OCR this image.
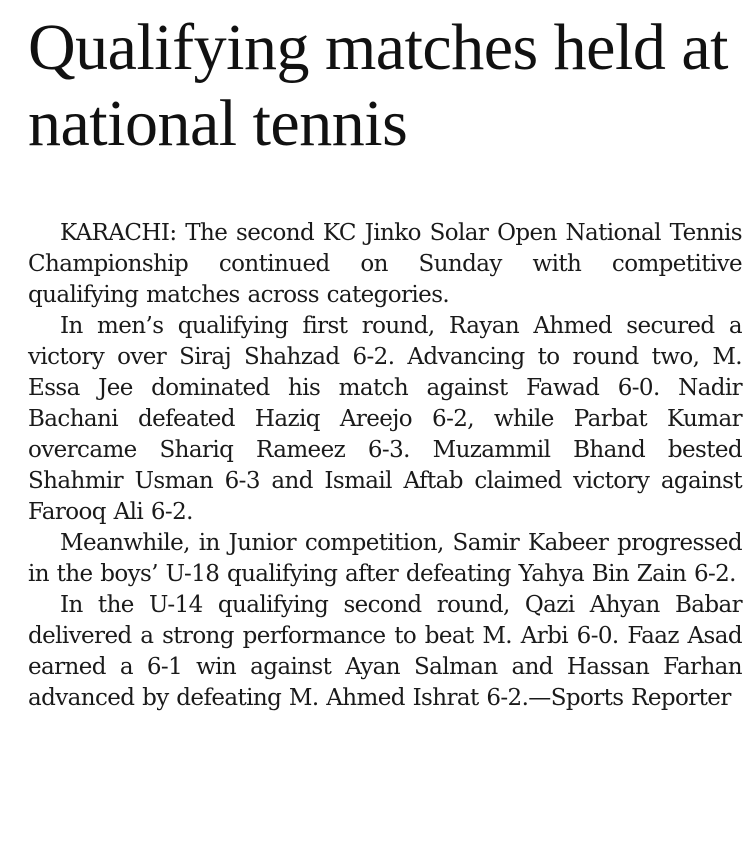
Qualifying matches held at national tennis

KARACHI: The second KC Jinko Solar Open National Tennis Championship continued on Sunday with competitive qualifying matches across categories.

In men’s qualifying first round, Rayan Ahmed secured a victory over Siraj Shahzad 6-2. Advancing to round two, M. Essa Jee dominated his match against Fawad 6-0. Nadir Bachani defeated Haziq Areejo 6-2, while Parbat Kumar overcame Shariq Rameez 6-3. Muzammil Bhand bested Shahmir Usman 6-3 and Ismail Aftab claimed victory against Farooq Ali 6-2.

Meanwhile, in Junior competition, Samir Kabeer progressed in the boys’ U-18 qualifying after defeating Yahya Bin Zain 6-2.

In the U-14 qualifying second round, Qazi Ahyan Babar delivered a strong performance to beat M. Arbi 6-0. Faaz Asad earned a 6-1 win against Ayan Salman and Hassan Farhan advanced by defeating M. Ahmed Ishrat 6-2.—Sports Reporter
